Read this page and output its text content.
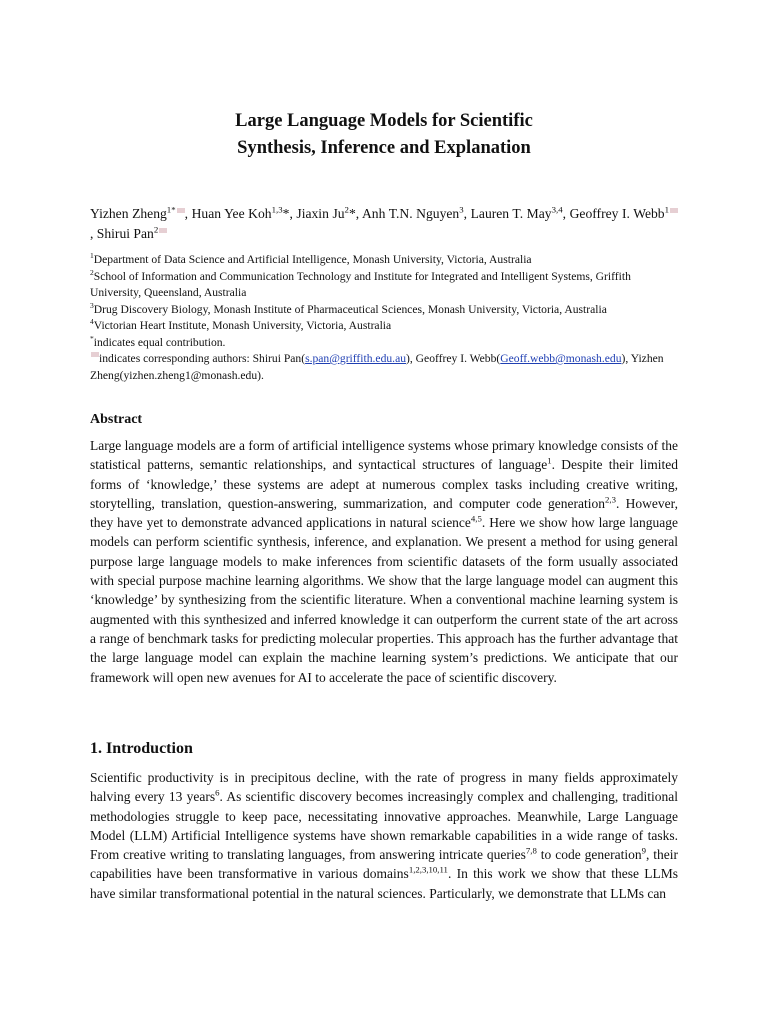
Large Language Models for Scientific
Synthesis, Inference and Explanation
Yizhen Zheng$^{1*}$ , Huan Yee Koh$^{1,3}$*, Jiaxin Ju$^2$*, Anh T.N. Nguyen$^3$, Lauren T. May$^{3,4}$, Geoffrey I. Webb$^1$, Shirui Pan$^2$

$^1$Department of Data Science and Artificial Intelligence, Monash University, Victoria, Australia

$^2$School of Information and Communication Technology and Institute for Integrated and Intelligent Systems, Griffith University, Queensland, Australia

$^3$Drug Discovery Biology, Monash Institute of Pharmaceutical Sciences, Monash University, Victoria, Australia

$^4$Victorian Heart Institute, Monash University, Victoria, Australia

*indicates equal contribution.

indicates corresponding authors: Shirui Pan(s.pan@griffith.edu.au), Geoffrey I. Webb(Geoff.webb@monash.edu), Yizhen Zheng(yizhen.zheng1@monash.edu).

Abstract

Large language models are a form of artificial intelligence systems whose primary knowledge consists of the statistical patterns, semantic relationships, and syntactical structures of language$^1$. Despite their limited forms of ‘knowledge,’ these systems are adept at numerous complex tasks including creative writing, storytelling, translation, question-answering, summarization, and computer code generation$^{2,3}$. However, they have yet to demonstrate advanced applications in natural science$^{4,5}$. Here we show how large language models can perform scientific synthesis, inference, and explanation. We present a method for using general purpose large language models to make inferences from scientific datasets of the form usually associated with special purpose machine learning algorithms. We show that the large language model can augment this ‘knowledge’ by synthesizing from the scientific literature. When a conventional machine learning system is augmented with this synthesized and inferred knowledge it can outperform the current state of the art across a range of benchmark tasks for predicting molecular properties. This approach has the further advantage that the large language model can explain the machine learning system’s predictions. We anticipate that our framework will open new avenues for AI to accelerate the pace of scientific discovery.

1. Introduction

Scientific productivity is in precipitous decline, with the rate of progress in many fields approximately halving every 13 years$^6$. As scientific discovery becomes increasingly complex and challenging, traditional methodologies struggle to keep pace, necessitating innovative approaches. Meanwhile, Large Language Model (LLM) Artificial Intelligence systems have shown remarkable capabilities in a wide range of tasks. From creative writing to translating languages, from answering intricate queries$^{7,8}$ to code generation$^9$, their capabilities have been transformative in various domains$^{1,2,3,10,11}$. In this work we show that these LLMs have similar transformational potential in the natural sciences. Particularly, we demonstrate that LLMs can
